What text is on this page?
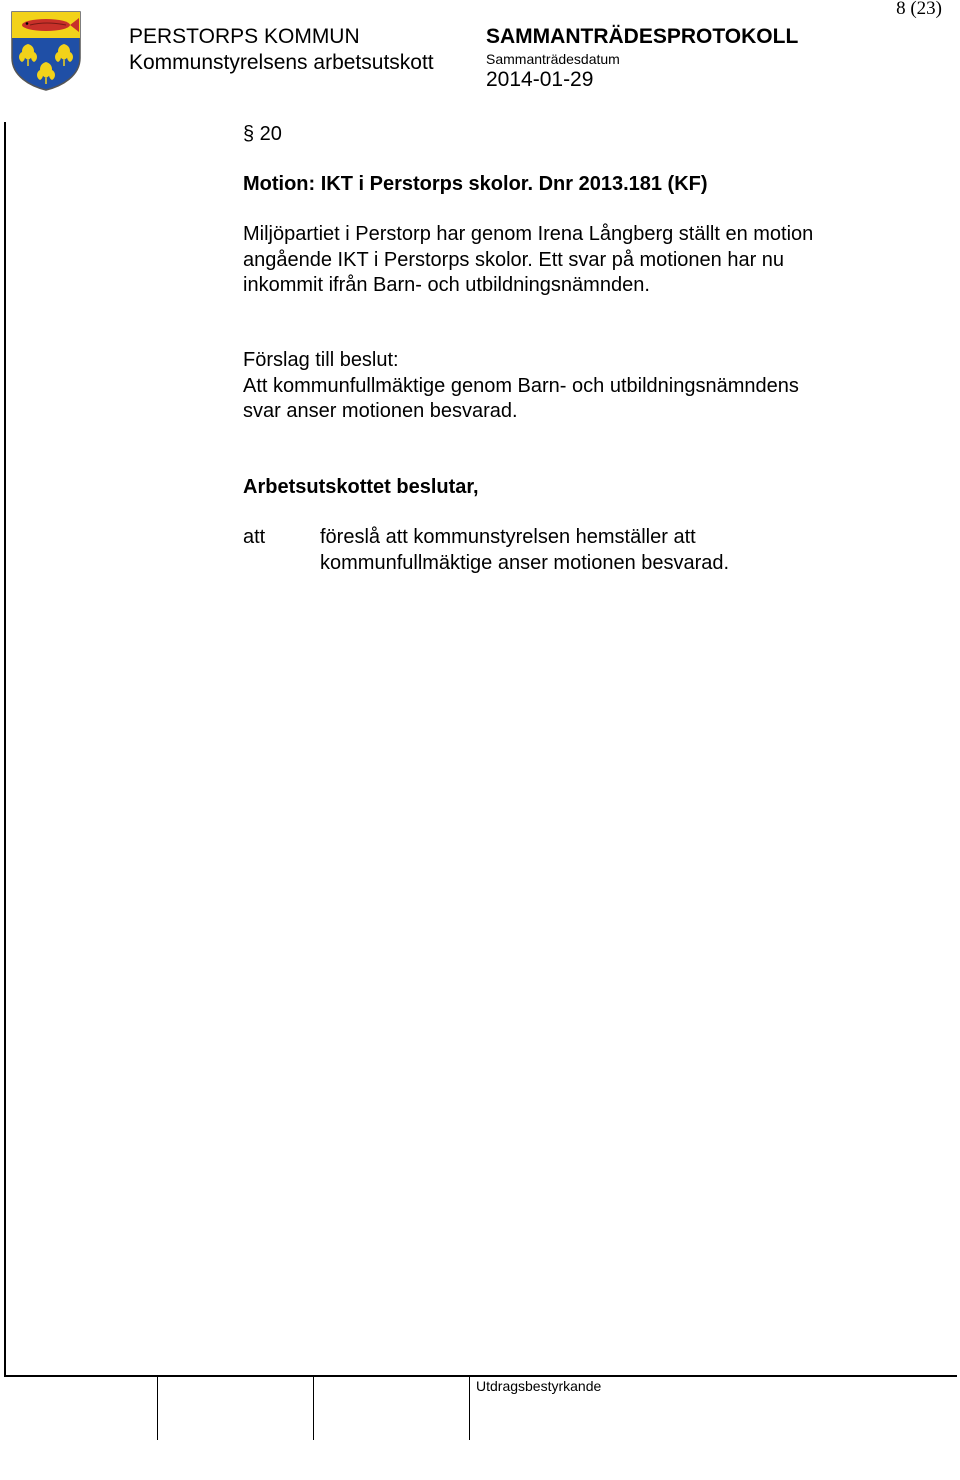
8 (23)
PERSTORPS KOMMUN
Kommunstyrelsens arbetsutskott
SAMMANTRÄDESPROTOKOLL
Sammanträdesdatum
2014-01-29
§ 20
Motion: IKT i Perstorps skolor. Dnr 2013.181 (KF)
Miljöpartiet i Perstorp har genom Irena Långberg ställt en motion
angående IKT i Perstorps skolor. Ett svar på motionen har nu
inkommit ifrån Barn- och utbildningsnämnden.
Förslag till beslut:
Att kommunfullmäktige genom Barn- och utbildningsnämndens
svar anser motionen besvarad.
Arbetsutskottet beslutar,
att	föreslå att kommunstyrelsen hemställer att
kommunfullmäktige anser motionen besvarad.
Utdragsbestyrkande
